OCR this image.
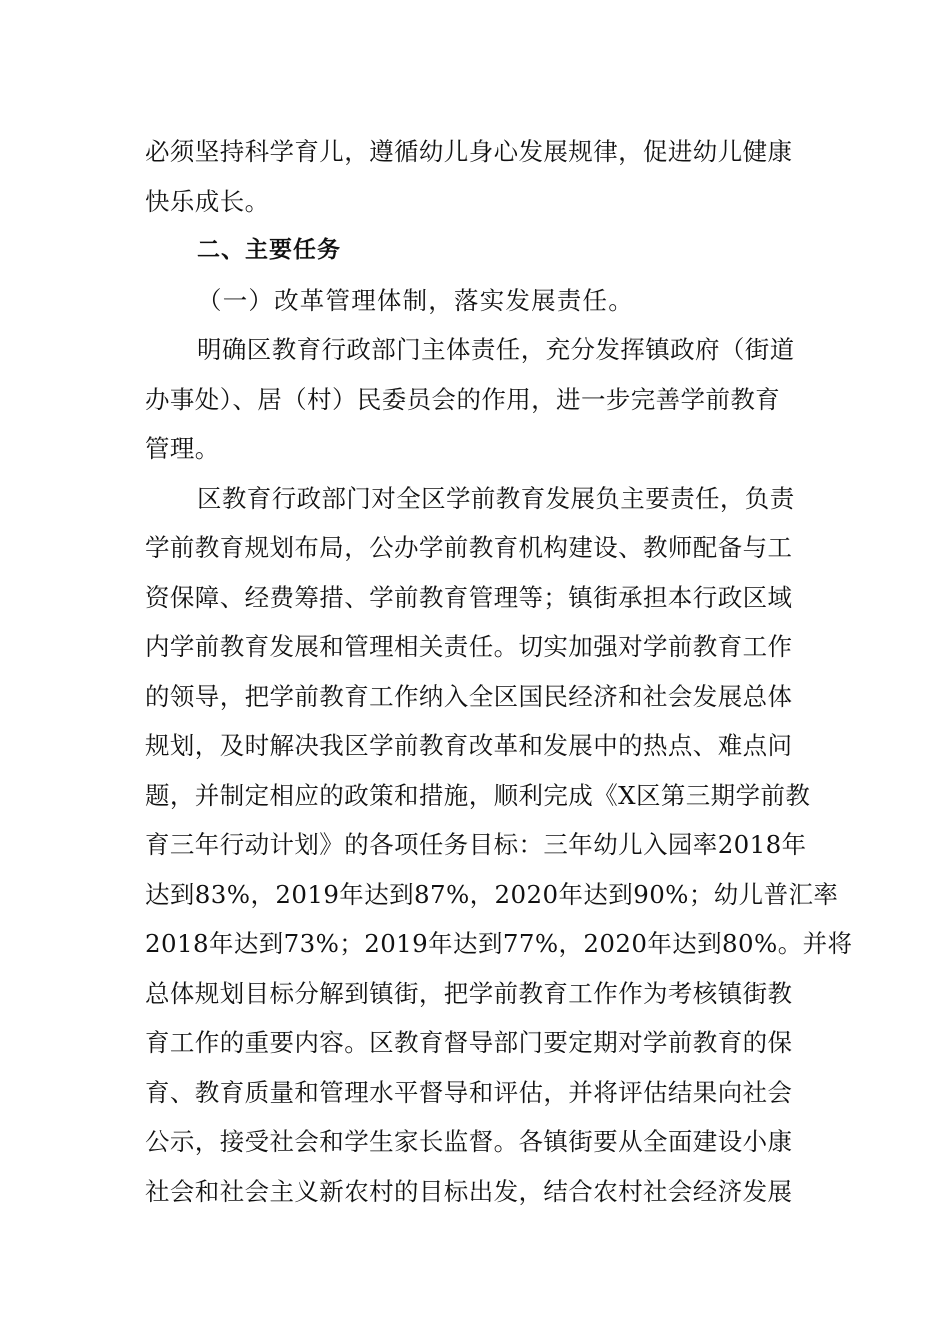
必须坚持科学育儿，遵循幼儿身心发展规律，促进幼儿健康
快乐成长。
二、主要任务
（一）改革管理体制，落实发展责任。
明确区教育行政部门主体责任，充分发挥镇政府（街道
办事处）、居（村）民委员会的作用，进一步完善学前教育
管理。
区教育行政部门对全区学前教育发展负主要责任，负责
学前教育规划布局，公办学前教育机构建设、教师配备与工
资保障、经费筹措、学前教育管理等；镇街承担本行政区域
内学前教育发展和管理相关责任。切实加强对学前教育工作
的领导，把学前教育工作纳入全区国民经济和社会发展总体
规划，及时解决我区学前教育改革和发展中的热点、难点问
题，并制定相应的政策和措施，顺利完成《X区第三期学前教
育三年行动计划》的各项任务目标：三年幼儿入园率2018年
达到83%，2019年达到87%，2020年达到90%；幼儿普汇率
2018年达到73%；2019年达到77%，2020年达到80%。并将
总体规划目标分解到镇街，把学前教育工作作为考核镇街教
育工作的重要内容。区教育督导部门要定期对学前教育的保
育、教育质量和管理水平督导和评估，并将评估结果向社会
公示，接受社会和学生家长监督。各镇街要从全面建设小康
社会和社会主义新农村的目标出发，结合农村社会经济发展
